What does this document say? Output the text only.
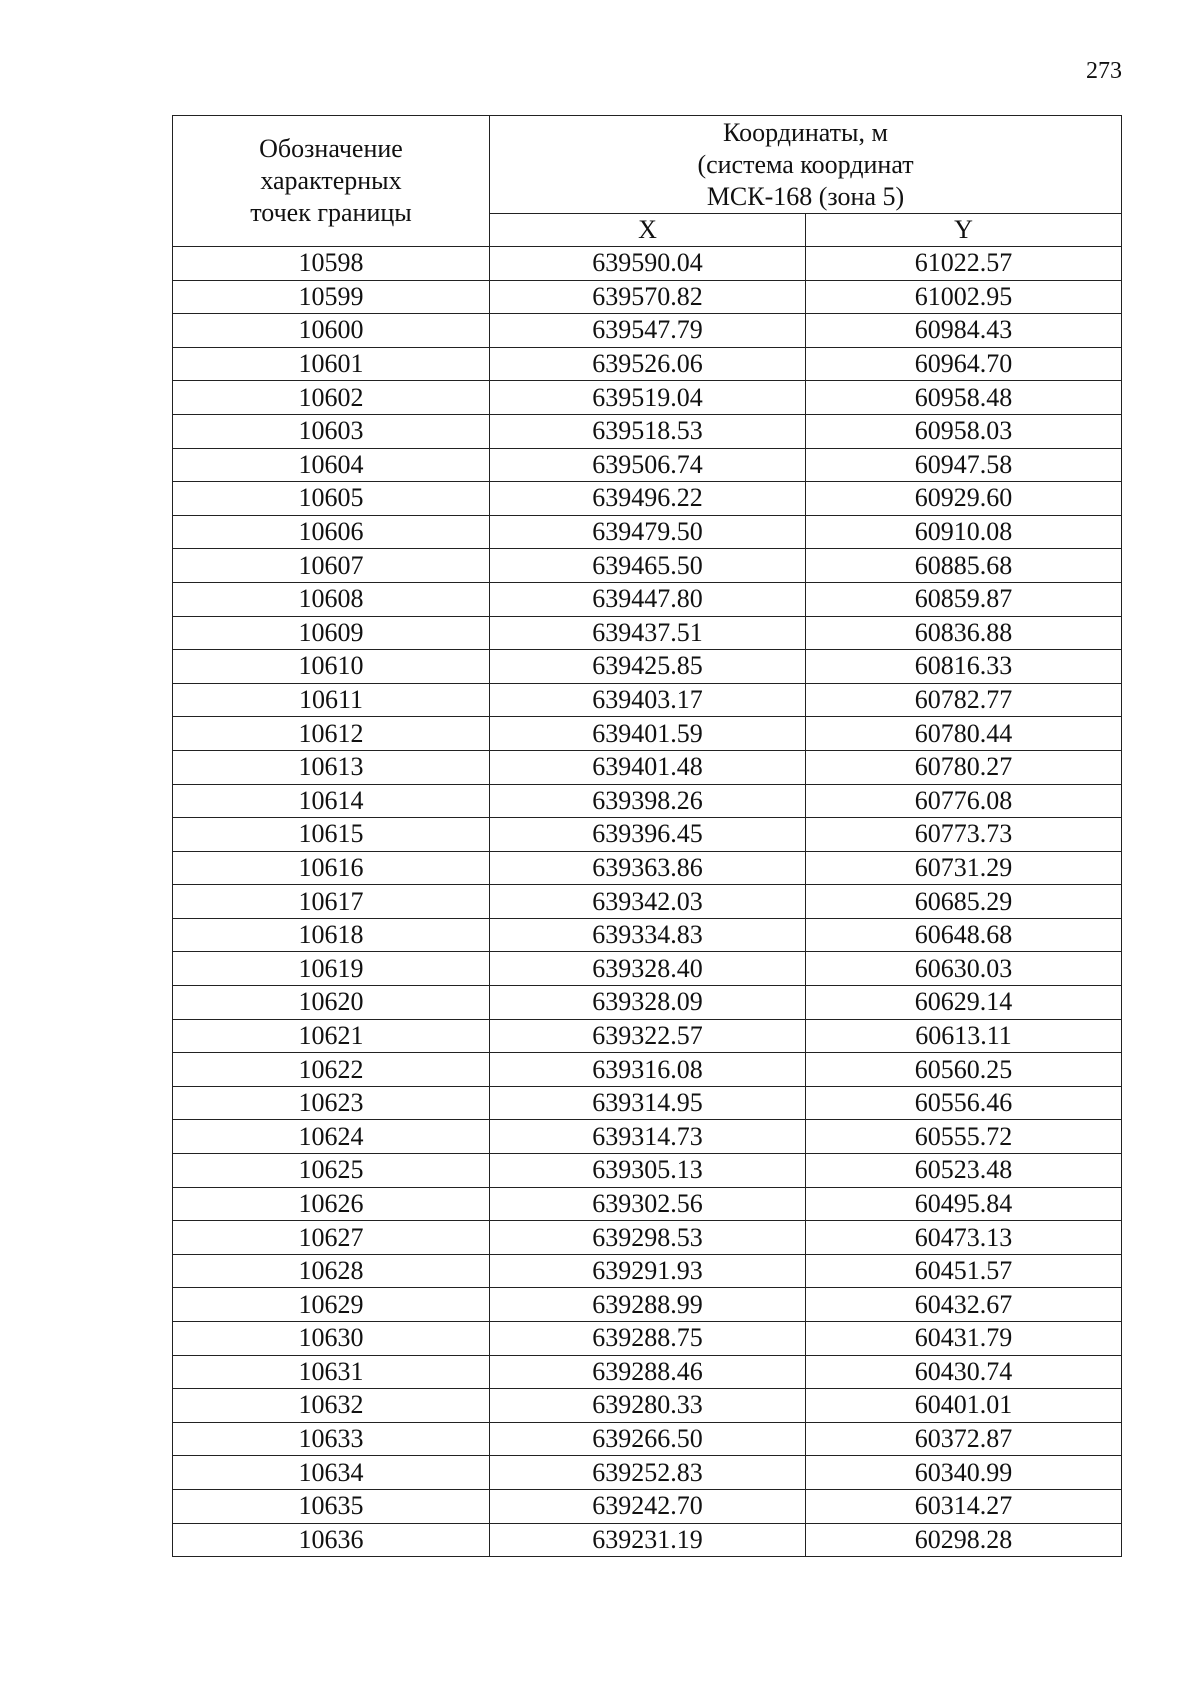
273
Обозначение
характерных
точек границы	Координаты, м
(система координат
МСК-168 (зона 5)	

	X	Y
10598	639590.04	61022.57
10599	639570.82	61002.95
10600	639547.79	60984.43
10601	639526.06	60964.70
10602	639519.04	60958.48
10603	639518.53	60958.03
10604	639506.74	60947.58
10605	639496.22	60929.60
10606	639479.50	60910.08
10607	639465.50	60885.68
10608	639447.80	60859.87
10609	639437.51	60836.88
10610	639425.85	60816.33
10611	639403.17	60782.77
10612	639401.59	60780.44
10613	639401.48	60780.27
10614	639398.26	60776.08
10615	639396.45	60773.73
10616	639363.86	60731.29
10617	639342.03	60685.29
10618	639334.83	60648.68
10619	639328.40	60630.03
10620	639328.09	60629.14
10621	639322.57	60613.11
10622	639316.08	60560.25
10623	639314.95	60556.46
10624	639314.73	60555.72
10625	639305.13	60523.48
10626	639302.56	60495.84
10627	639298.53	60473.13
10628	639291.93	60451.57
10629	639288.99	60432.67
10630	639288.75	60431.79
10631	639288.46	60430.74
10632	639280.33	60401.01
10633	639266.50	60372.87
10634	639252.83	60340.99
10635	639242.70	60314.27
10636	639231.19	60298.28
